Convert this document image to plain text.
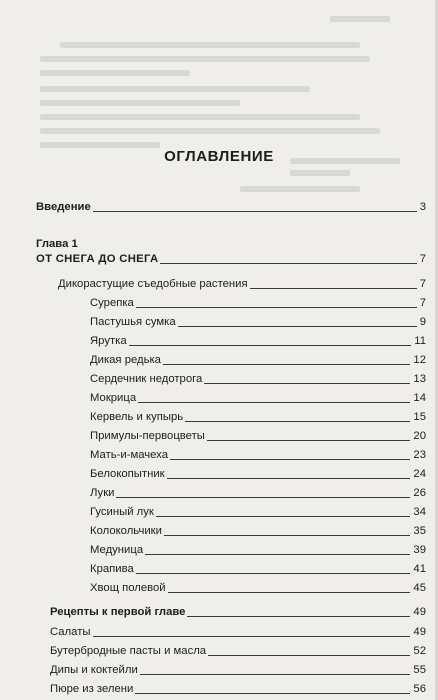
ОГЛАВЛЕНИЕ
Введение	3
Глава 1
ОТ СНЕГА ДО СНЕГА	7
Дикорастущие съедобные растения	7
Сурепка	7
Пастушья сумка	9
Ярутка	11
Дикая редька	12
Сердечник недотрога	13
Мокрица	14
Кервель и купырь	15
Примулы-первоцветы	20
Мать-и-мачеха	23
Белокопытник	24
Луки	26
Гусиный лук	34
Колокольчики	35
Медуница	39
Крапива	41
Хвощ полевой	45
Рецепты к первой главе	49
Салаты	49
Бутербродные пасты и масла	52
Дипы и коктейли	55
Пюре из зелени	56
